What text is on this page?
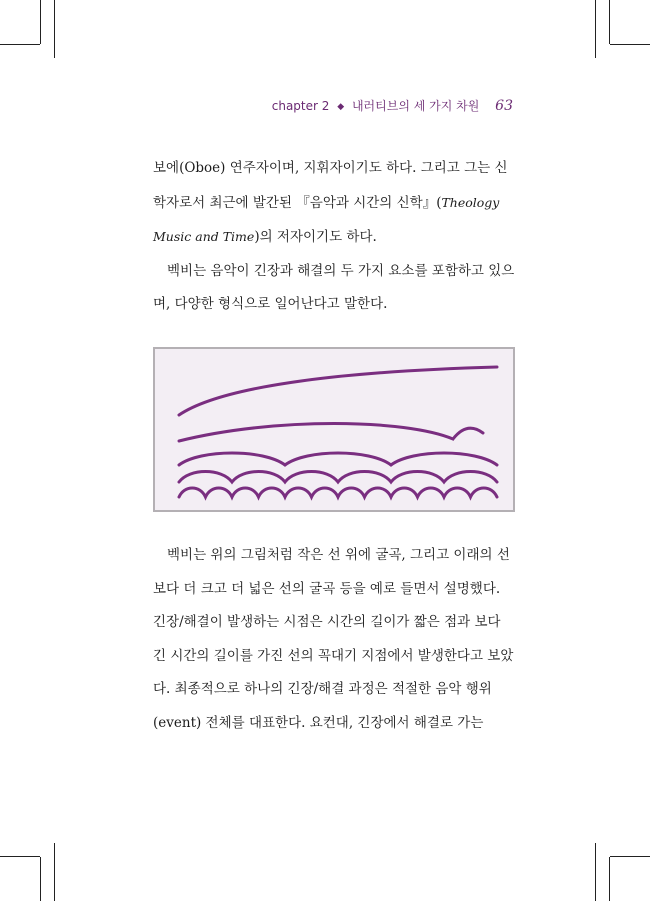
chapter 2 ◆ 내러티브의 세 가지 차원 63

보에(Oboe) 연주자이며, 지휘자이기도 하다. 그리고 그는 신학자로서 최근에 발간된 『음악과 시간의 신학』(Theology Music and Time)의 저자이기도 하다.

벡비는 음악이 긴장과 해결의 두 가지 요소를 포함하고 있으며, 다양한 형식으로 일어난다고 말한다.

벡비는 위의 그림처럼 작은 선 위에 굴곡, 그리고 이래의 선보다 더 크고 더 넓은 선의 굴곡 등을 예로 들면서 설명했다. 긴장/해결이 발생하는 시점은 시간의 길이가 짧은 점과 보다 긴 시간의 길이를 가진 선의 꼭대기 지점에서 발생한다고 보았다. 최종적으로 하나의 긴장/해결 과정은 적절한 음악 행위(event) 전체를 대표한다. 요컨대, 긴장에서 해결로 가는
